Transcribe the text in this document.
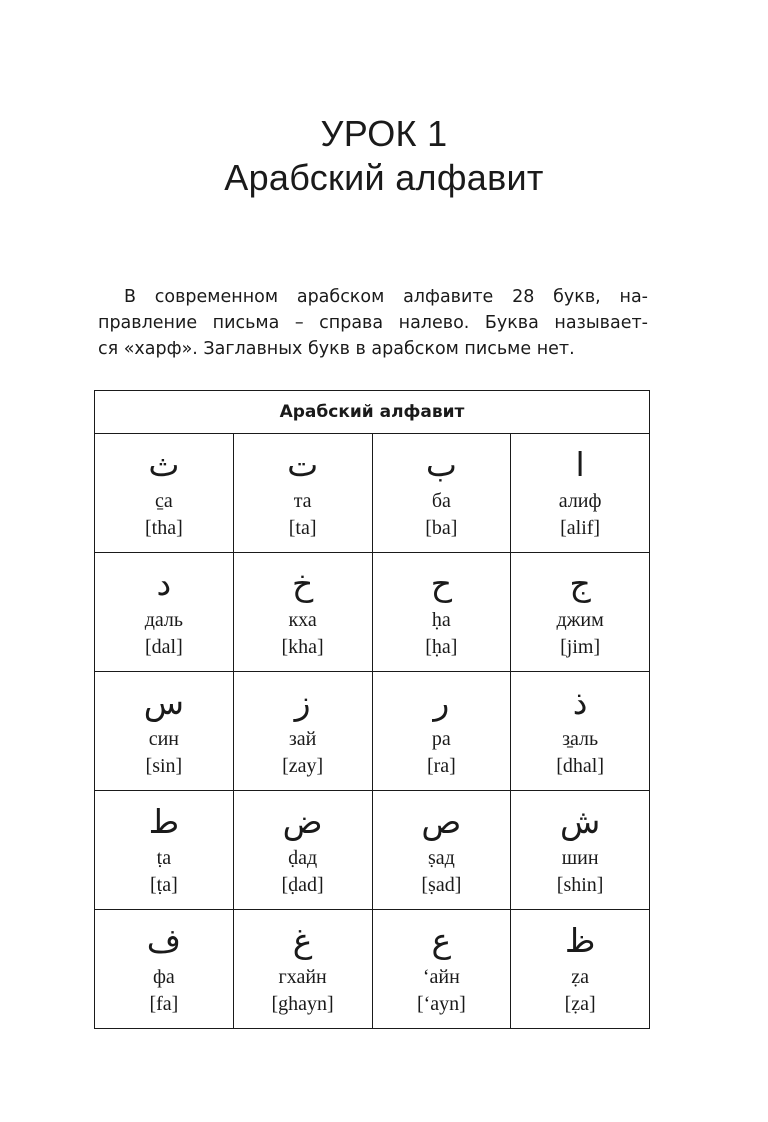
УРОК 1
Арабский алфавит
В современном арабском алфавите 28 букв, на-
правление письма – справа налево. Буква называет-
ся «харф». Заглавных букв в арабском письме нет.
Арабский алфавит			

ث
c̱a
[tha]	ت
та
[ta]	ب
ба
[ba]	ا
алиф
[alif]

د
даль
[dal]	خ
кха
[kha]	ح
ḥa
[ḥa]	ج
джим
[jim]

س
син
[sin]	ز
зай
[zay]	ر
ра
[ra]	ذ
з̱аль
[dhal]

ط
ṭa
[ṭa]	ض
ḍад
[ḍad]	ص
ṣад
[ṣad]	ش
шин
[shin]

ف
фа
[fa]	غ
гхайн
[ghayn]	ع
ʻайн
[ʻayn]	ظ
ẓa
[ẓa]
